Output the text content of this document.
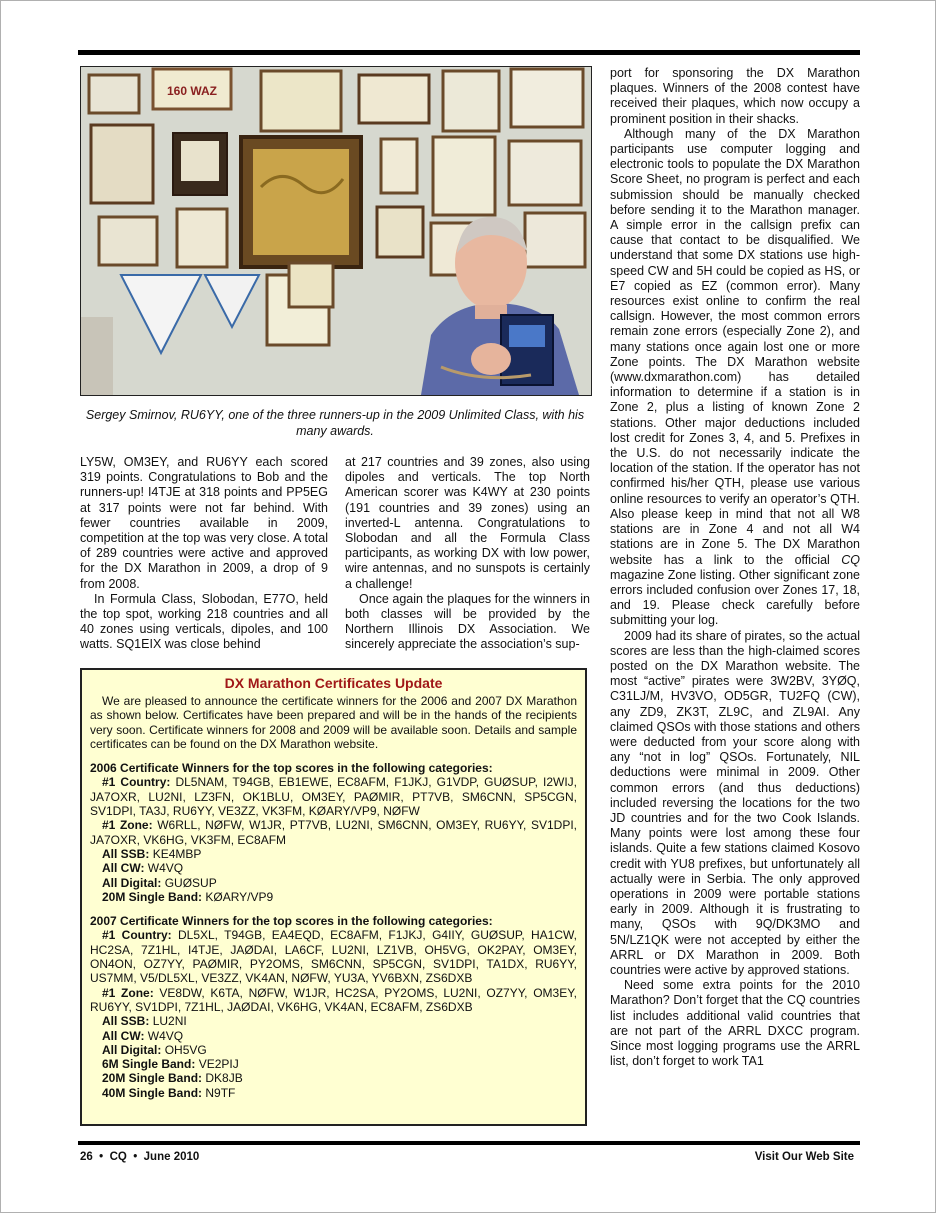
160 WAZ
Sergey Smirnov, RU6YY, one of the three runners-up in the 2009 Unlimited Class, with his many awards.

LY5W, OM3EY, and RU6YY each scored 319 points. Congratulations to Bob and the runners-up! I4TJE at 318 points and PP5EG at 317 points were not far behind. With fewer countries available in 2009, competition at the top was very close. A total of 289 countries were active and approved for the DX Marathon in 2009, a drop of 9 from 2008.

In Formula Class, Slobodan, E77O, held the top spot, working 218 countries and all 40 zones using verticals, dipoles, and 100 watts. SQ1EIX was close behind

at 217 countries and 39 zones, also using dipoles and verticals. The top North American scorer was K4WY at 230 points (191 countries and 39 zones) using an inverted-L antenna. Congratulations to Slobodan and all the Formula Class participants, as working DX with low power, wire antennas, and no sunspots is certainly a challenge!

Once again the plaques for the winners in both classes will be provided by the Northern Illinois DX Association. We sincerely appreciate the association’s sup-

port for sponsoring the DX Marathon plaques. Winners of the 2008 contest have received their plaques, which now occupy a prominent position in their shacks.

Although many of the DX Marathon participants use computer logging and electronic tools to populate the DX Marathon Score Sheet, no program is perfect and each submission should be manually checked before sending it to the Marathon manager. A simple error in the callsign prefix can cause that contact to be disqualified. We understand that some DX stations use high-speed CW and 5H could be copied as HS, or E7 copied as EZ (common error). Many resources exist online to confirm the real callsign. However, the most common errors remain zone errors (especially Zone 2), and many stations once again lost one or more Zone points. The DX Marathon website (www.dxmarathon.com) has detailed information to determine if a station is in Zone 2, plus a listing of known Zone 2 stations. Other major deductions included lost credit for Zones 3, 4, and 5. Prefixes in the U.S. do not necessarily indicate the location of the station. If the operator has not confirmed his/her QTH, please use various online resources to verify an operator’s QTH. Also please keep in mind that not all W8 stations are in Zone 4 and not all W4 stations are in Zone 5. The DX Marathon website has a link to the official CQ magazine Zone listing. Other significant zone errors included confusion over Zones 17, 18, and 19. Please check carefully before submitting your log.

2009 had its share of pirates, so the actual scores are less than the high-claimed scores posted on the DX Marathon website. The most “active” pirates were 3W2BV, 3YØQ, C31LJ/M, HV3VO, OD5GR, TU2FQ (CW), any ZD9, ZK3T, ZL9C, and ZL9AI. Any claimed QSOs with those stations and others were deducted from your score along with any “not in log” QSOs. Fortunately, NIL deductions were minimal in 2009. Other common errors (and thus deductions) included reversing the locations for the two JD countries and for the two Cook Islands. Many points were lost among these four islands. Quite a few stations claimed Kosovo credit with YU8 prefixes, but unfortunately all actually were in Serbia. The only approved operations in 2009 were portable stations early in 2009. Although it is frustrating to many, QSOs with 9Q/DK3MO and 5N/LZ1QK were not accepted by either the ARRL or DX Marathon in 2009. Both countries were active by approved stations.

Need some extra points for the 2010 Marathon? Don’t forget that the CQ countries list includes additional valid countries that are not part of the ARRL DXCC program. Since most logging programs use the ARRL list, don’t forget to work TA1

DX Marathon Certificates Update

We are pleased to announce the certificate winners for the 2006 and 2007 DX Marathon as shown below. Certificates have been prepared and will be in the hands of the recipients very soon. Certificate winners for 2008 and 2009 will be available soon. Details and sample certificates can be found on the DX Marathon website.

2006 Certificate Winners for the top scores in the following categories:

#1 Country: DL5NAM, T94GB, EB1EWE, EC8AFM, F1JKJ, G1VDP, GUØSUP, I2WIJ, JA7OXR, LU2NI, LZ3FN, OK1BLU, OM3EY, PAØMIR, PT7VB, SM6CNN, SP5CGN, SV1DPI, TA3J, RU6YY, VE3ZZ, VK3FM, KØARY/VP9, NØFW

#1 Zone: W6RLL, NØFW, W1JR, PT7VB, LU2NI, SM6CNN, OM3EY, RU6YY, SV1DPI, JA7OXR, VK6HG, VK3FM, EC8AFM

All SSB: KE4MBP

All CW: W4VQ

All Digital: GUØSUP

20M Single Band: KØARY/VP9

2007 Certificate Winners for the top scores in the following categories:

#1 Country: DL5XL, T94GB, EA4EQD, EC8AFM, F1JKJ, G4IIY, GUØSUP, HA1CW, HC2SA, 7Z1HL, I4TJE, JAØDAI, LA6CF, LU2NI, LZ1VB, OH5VG, OK2PAY, OM3EY, ON4ON, OZ7YY, PAØMIR, PY2OMS, SM6CNN, SP5CGN, SV1DPI, TA1DX, RU6YY, US7MM, V5/DL5XL, VE3ZZ, VK4AN, NØFW, YU3A, YV6BXN, ZS6DXB

#1 Zone: VE8DW, K6TA, NØFW, W1JR, HC2SA, PY2OMS, LU2NI, OZ7YY, OM3EY, RU6YY, SV1DPI, 7Z1HL, JAØDAI, VK6HG, VK4AN, EC8AFM, ZS6DXB

All SSB: LU2NI

All CW: W4VQ

All Digital: OH5VG

6M Single Band: VE2PIJ

20M Single Band: DK8JB

40M Single Band: N9TF

26  •  CQ  •  June 2010	Visit Our Web Site
